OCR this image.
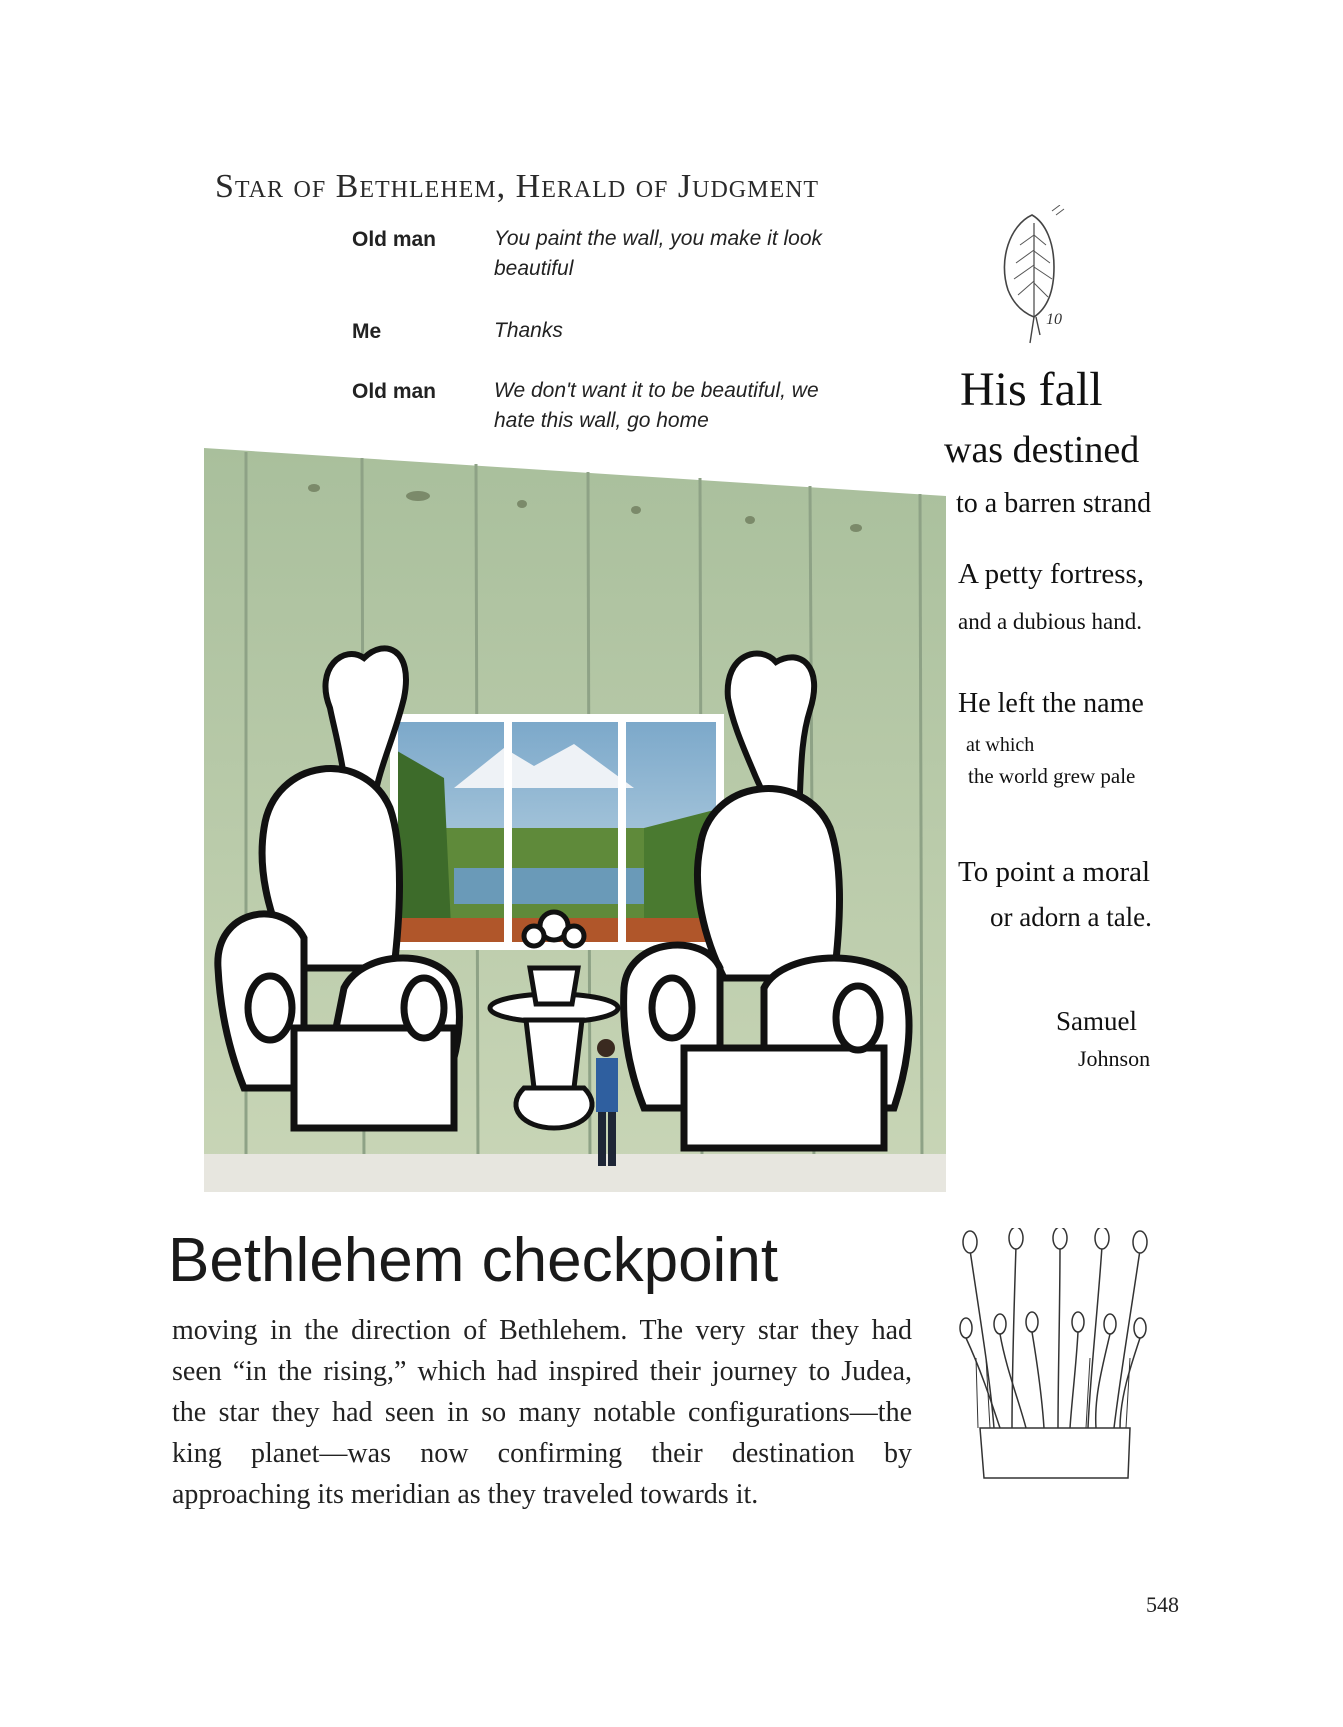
Star of Bethlehem, Herald of Judgment
Old man	You paint the wall, you make it look beautiful
Me	Thanks
Old man	We don't want it to be beautiful, we hate this wall, go home
10
His fall
was destined
to a barren strand
A petty fortress,
and a dubious hand.
He left the name
at which
the world grew pale
To point a moral
or adorn a tale.
Samuel
Johnson
Bethlehem checkpoint
moving in the direction of Bethlehem. The very star they had seen “in the rising,” which had inspired their journey to Judea, the star they had seen in so many notable configurations—the king planet—was now confirming their destination by approaching its meridian as they traveled towards it.
548
